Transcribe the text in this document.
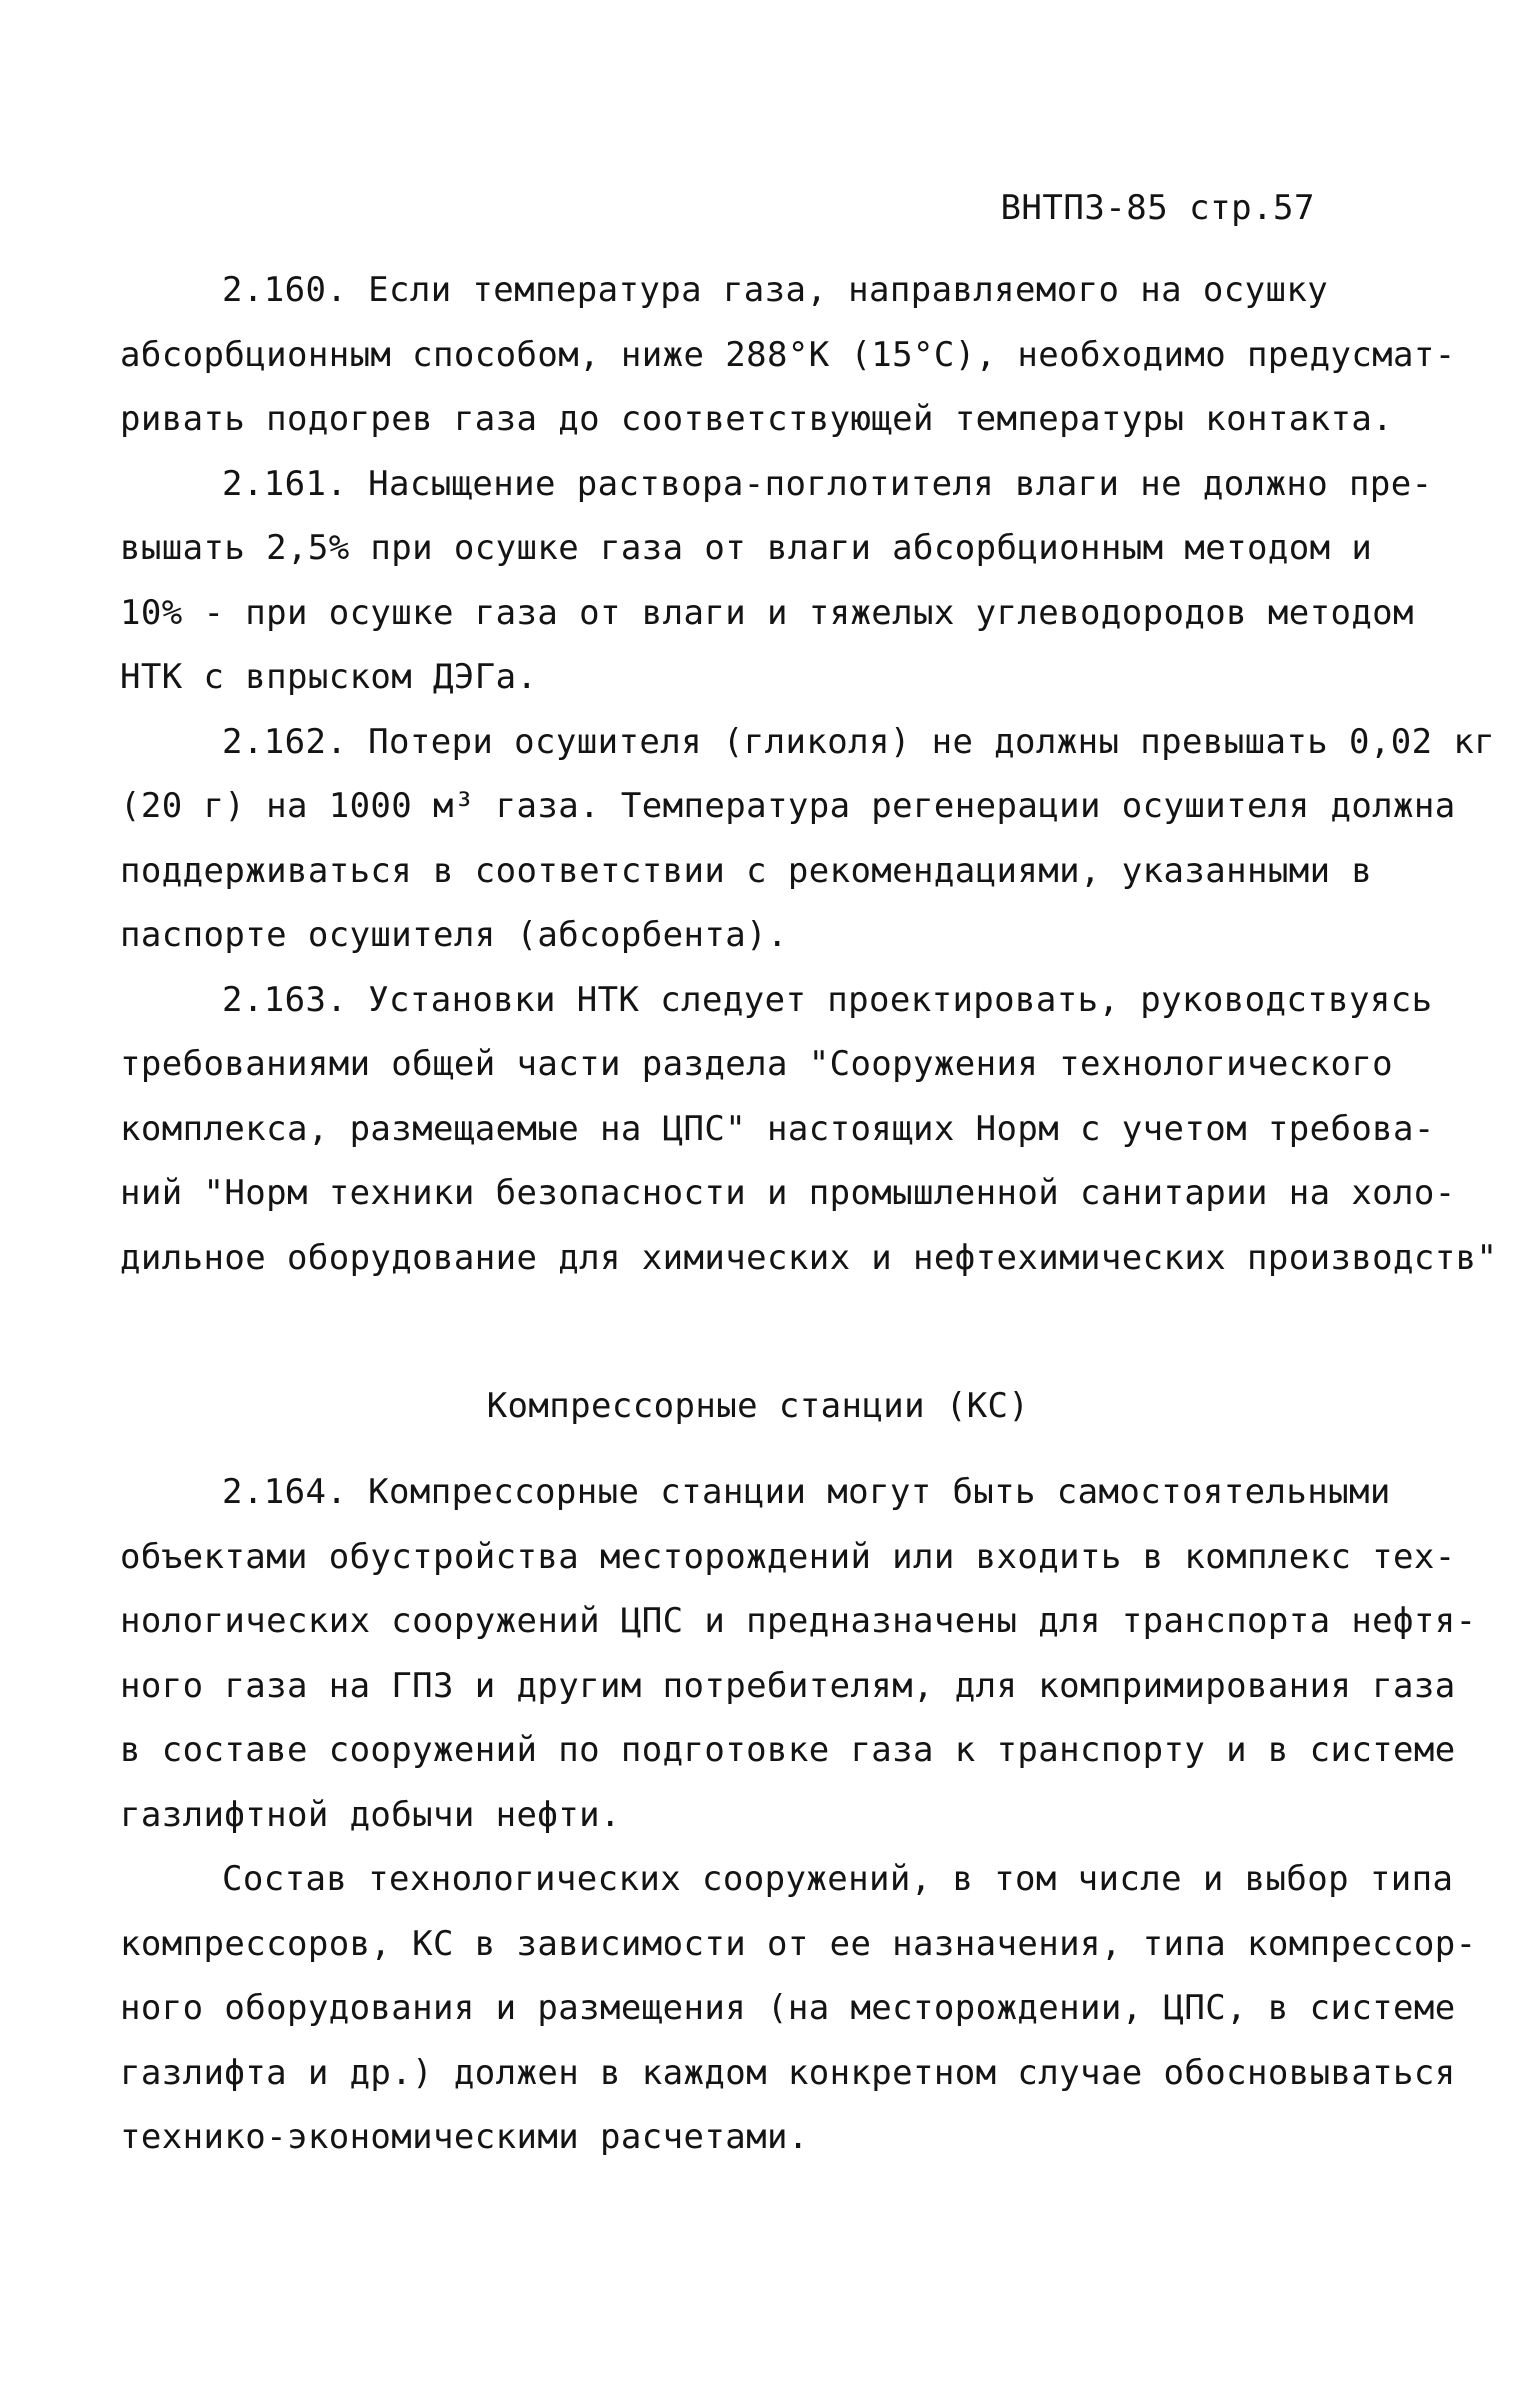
ВНТПЗ-85 стр.57
2.160. Если температура газа, направляемого на осушку
абсорбционным способом, ниже 288°К (15°С), необходимо предусмат-
ривать подогрев газа до соответствующей температуры контакта.
2.161. Насыщение раствора-поглотителя влаги не должно пре-
вышать 2,5% при осушке газа от влаги абсорбционным методом и
10% - при осушке газа от влаги и тяжелых углеводородов методом
НТК с впрыском ДЭГа.
2.162. Потери осушителя (гликоля) не должны превышать 0,02 кг
(20 г) на 1000 м³ газа. Температура регенерации осушителя должна
поддерживаться в соответствии с рекомендациями, указанными в
паспорте осушителя (абсорбента).
2.163. Установки НТК следует проектировать, руководствуясь
требованиями общей части раздела "Сооружения технологического
комплекса, размещаемые на ЦПС" настоящих Норм с учетом требова-
ний "Норм техники безопасности и промышленной санитарии на холо-
дильное оборудование для химических и нефтехимических производств"
Компрессорные станции (КС)
2.164. Компрессорные станции могут быть самостоятельными
объектами обустройства месторождений или входить в комплекс тех-
нологических сооружений ЦПС и предназначены для транспорта нефтя-
ного газа на ГПЗ и другим потребителям, для компримирования газа
в составе сооружений по подготовке газа к транспорту и в системе
газлифтной добычи нефти.
Состав технологических сооружений, в том числе и выбор типа
компрессоров, КС в зависимости от ее назначения, типа компрессор-
ного оборудования и размещения (на месторождении, ЦПС, в системе
газлифта и др.) должен в каждом конкретном случае обосновываться
технико-экономическими расчетами.
